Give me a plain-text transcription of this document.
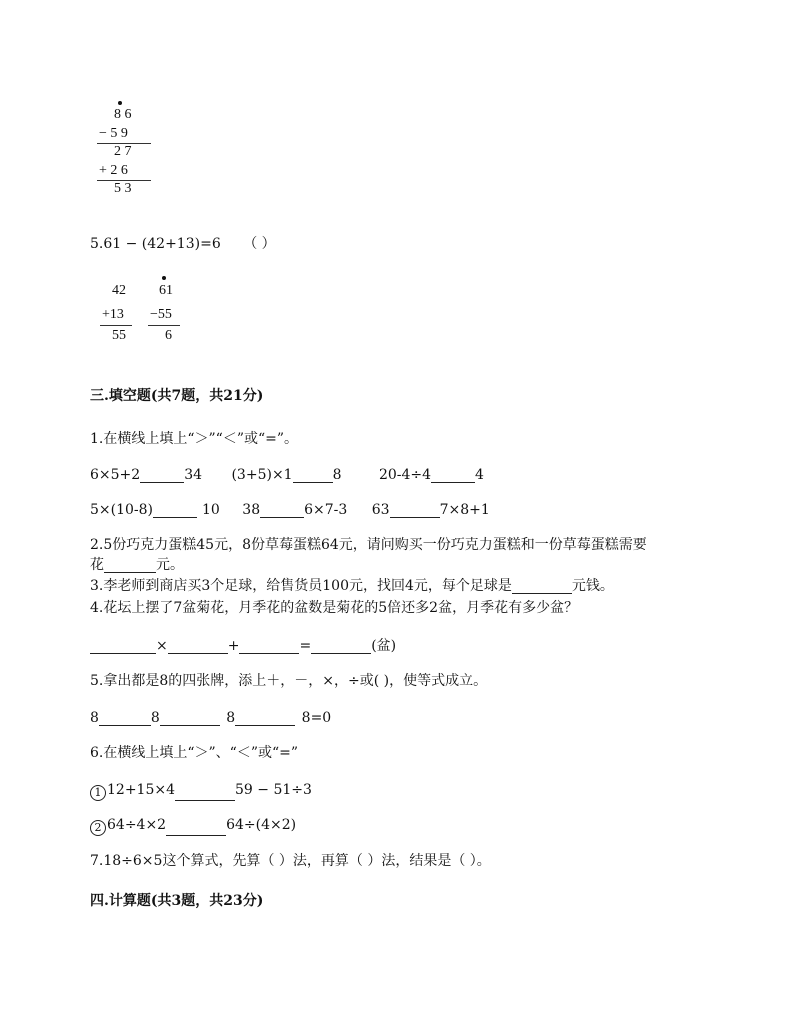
8 6
− 5 9
2 7
+ 2 6
5 3
5.61 − (42+13)=6 （ ）
42
+13
55
61
−55
6
三.填空题(共7题，共21分)
1.在横线上填上“＞”“＜”或“=”。
6×5+2	34 (3+5)×1	8	20-4÷4	4
5×(10-8)	10 38	6×7-3 63	7×8+1
2.5份巧克力蛋糕45元，8份草莓蛋糕64元，请问购买一份巧克力蛋糕和一份草莓蛋糕需要
花	元。
3.李老师到商店买3个足球，给售货员100元，找回4元，每个足球是	元钱。
4.花坛上摆了7盆菊花，月季花的盆数是菊花的5倍还多2盆，月季花有多少盆？
×	+	=	(盆)
5.拿出都是8的四张牌，添上＋，－，×，÷或( )，使等式成立。
8	8	8	8=0
6.在横线上填上“＞”、“＜”或“=”
1 12+15×4	59 − 51÷3
2 64÷4×2	64÷(4×2)
7.18÷6×5这个算式，先算（ ）法，再算（ ）法，结果是（ ）。
四.计算题(共3题，共23分)
